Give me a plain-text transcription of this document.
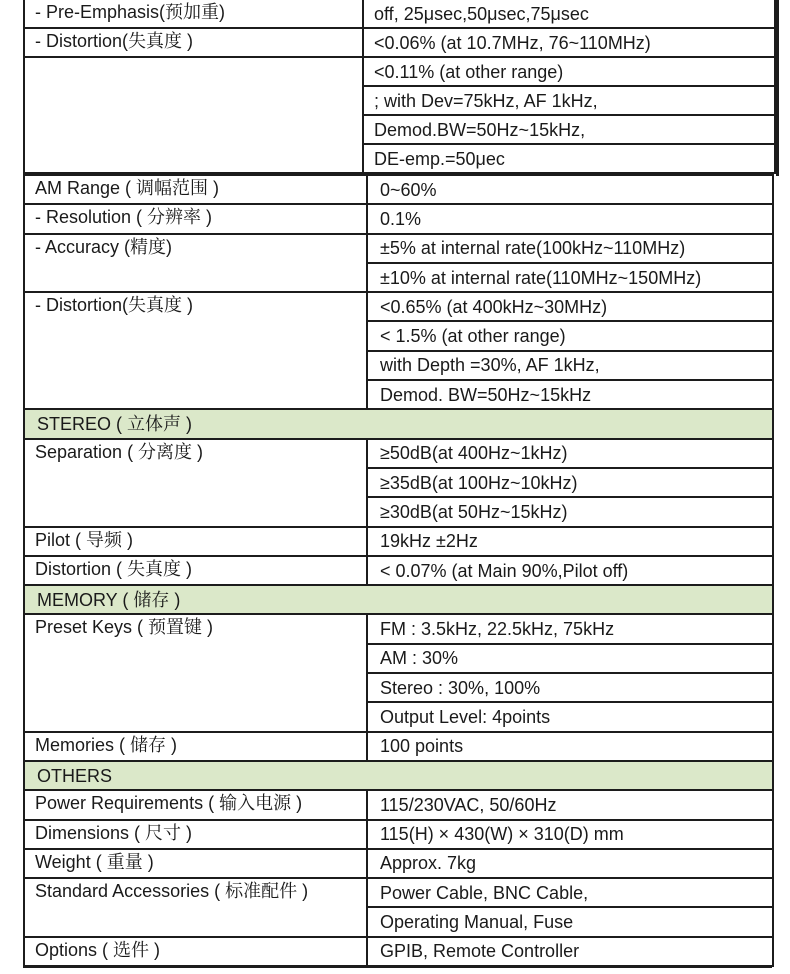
- Pre-Emphasis(预加重)	off, 25μsec,50μsec,75μsec
- Distortion(失真度 )	<0.06% (at 10.7MHz, 76~110MHz)
	<0.11% (at other range)
	; with Dev=75kHz, AF 1kHz,
	Demod.BW=50Hz~15kHz,
	DE-emp.=50μec
AM Range ( 调幅范围 )	0~60%
- Resolution ( 分辨率 )	0.1%
- Accuracy (精度)	±5% at internal rate(100kHz~110MHz)
	±10% at internal rate(110MHz~150MHz)
- Distortion(失真度 )	<0.65% (at 400kHz~30MHz)
	< 1.5% (at other range)
	with Depth =30%, AF 1kHz,
	Demod. BW=50Hz~15kHz
STEREO ( 立体声 )	
Separation ( 分离度 )	≥50dB(at 400Hz~1kHz)
	≥35dB(at 100Hz~10kHz)
	≥30dB(at 50Hz~15kHz)
Pilot ( 导频 )	19kHz ±2Hz
Distortion ( 失真度 )	< 0.07% (at Main 90%,Pilot off)
MEMORY ( 储存 )	
Preset Keys ( 预置键 )	FM : 3.5kHz, 22.5kHz, 75kHz
	AM : 30%
	Stereo : 30%, 100%
	Output Level: 4points
Memories ( 储存 )	100 points
OTHERS	
Power Requirements ( 输入电源 )	115/230VAC, 50/60Hz
Dimensions ( 尺寸 )	115(H) × 430(W) × 310(D) mm
Weight ( 重量 )	Approx. 7kg
Standard Accessories ( 标准配件 )	Power Cable, BNC Cable,
	Operating Manual, Fuse
Options ( 选件 )	GPIB, Remote Controller
